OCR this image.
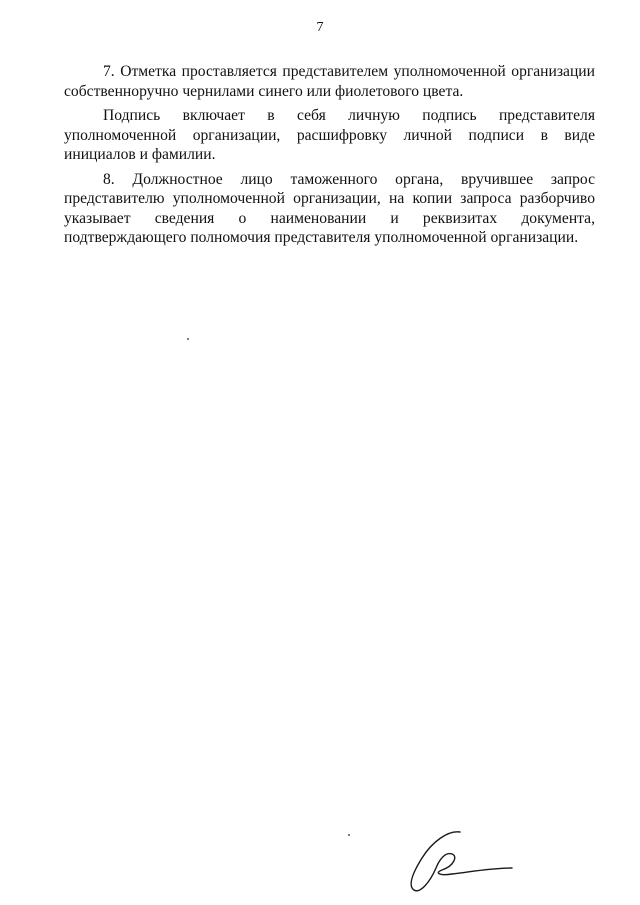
7

7. Отметка проставляется представителем уполномоченной организации собственноручно чернилами синего или фиолетового цвета.

Подпись включает в себя личную подпись представителя уполномоченной организации, расшифровку личной подписи в виде инициалов и фамилии.

8. Должностное лицо таможенного органа, вручившее запрос представителю уполномоченной организации, на копии запроса разборчиво указывает сведения о наименовании и реквизитах документа, подтверждающего полномочия представителя уполномоченной организации.
